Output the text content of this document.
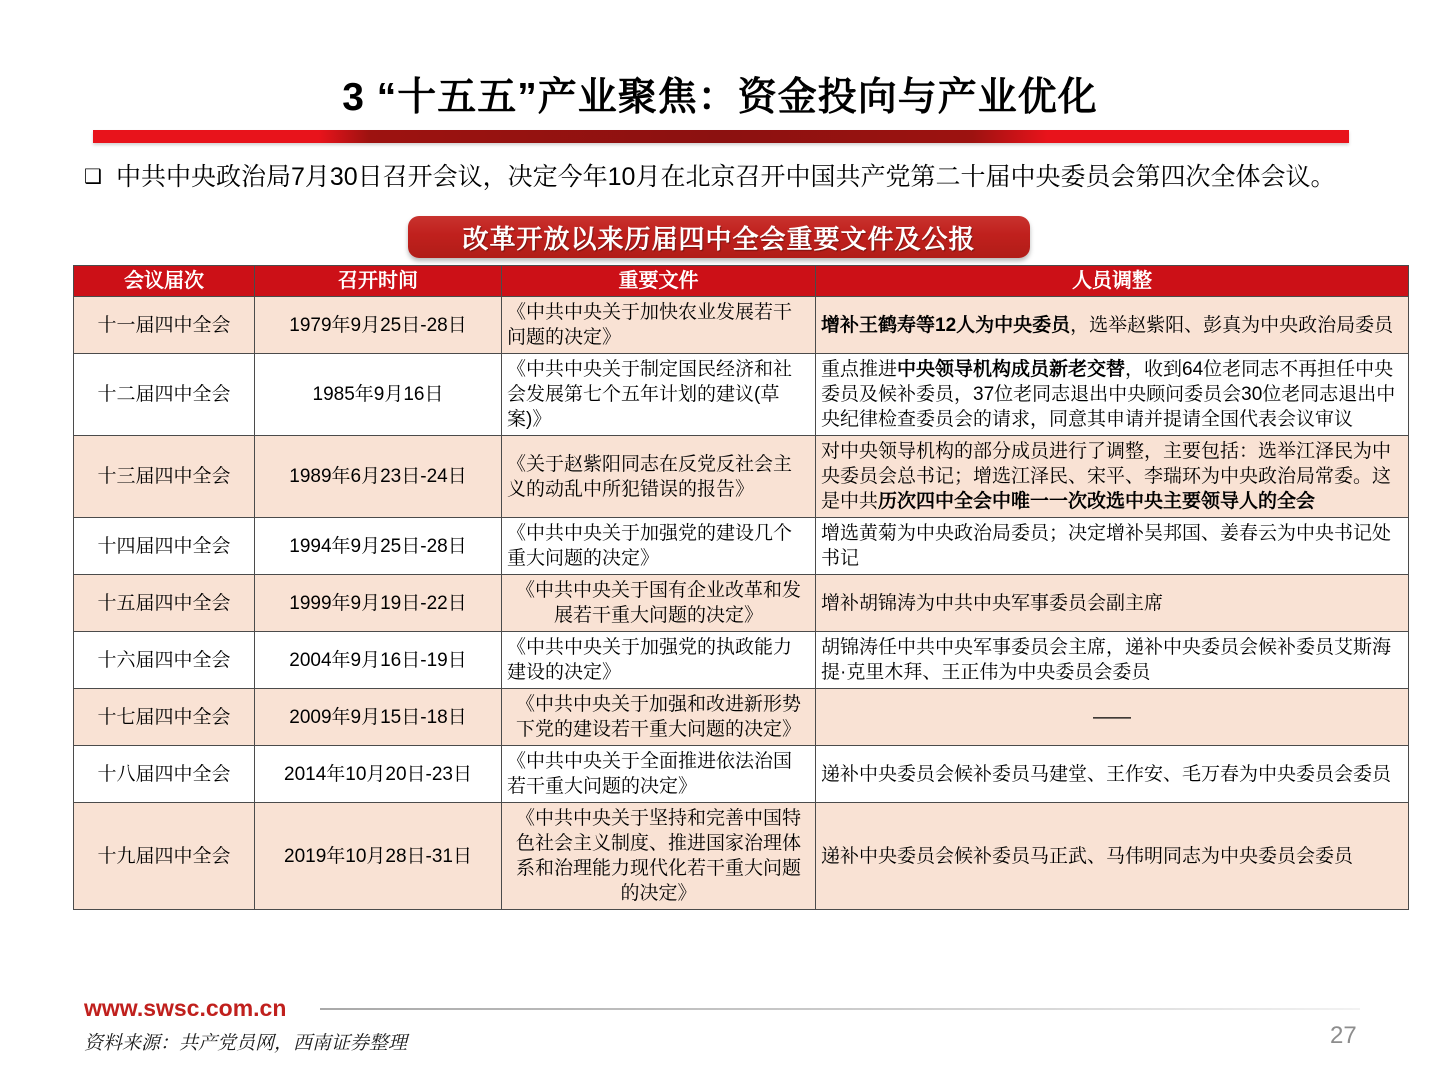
3 “十五五”产业聚焦：资金投向与产业优化
❑ 中共中央政治局7月30日召开会议，决定今年10月在北京召开中国共产党第二十届中央委员会第四次全体会议。
改革开放以来历届四中全会重要文件及公报
会议届次	召开时间	重要文件	人员调整
十一届四中全会	1979年9月25日-28日	《中共中央关于加快农业发展若干问题的决定》	增补王鹤寿等12人为中央委员，选举赵紫阳、彭真为中央政治局委员
十二届四中全会	1985年9月16日	《中共中央关于制定国民经济和社会发展第七个五年计划的建议(草案)》	重点推进中央领导机构成员新老交替，收到64位老同志不再担任中央委员及候补委员，37位老同志退出中央顾问委员会30位老同志退出中央纪律检查委员会的请求，同意其申请并提请全国代表会议审议
十三届四中全会	1989年6月23日-24日	《关于赵紫阳同志在反党反社会主义的动乱中所犯错误的报告》	对中央领导机构的部分成员进行了调整，主要包括：选举江泽民为中央委员会总书记；增选江泽民、宋平、李瑞环为中央政治局常委。这是中共历次四中全会中唯一一次改选中央主要领导人的全会
十四届四中全会	1994年9月25日-28日	《中共中央关于加强党的建设几个重大问题的决定》	增选黄菊为中央政治局委员；决定增补吴邦国、姜春云为中央书记处书记
十五届四中全会	1999年9月19日-22日	《中共中央关于国有企业改革和发展若干重大问题的决定》	增补胡锦涛为中共中央军事委员会副主席
十六届四中全会	2004年9月16日-19日	《中共中央关于加强党的执政能力建设的决定》	胡锦涛任中共中央军事委员会主席，递补中央委员会候补委员艾斯海提·克里木拜、王正伟为中央委员会委员
十七届四中全会	2009年9月15日-18日	《中共中央关于加强和改进新形势下党的建设若干重大问题的决定》	——
十八届四中全会	2014年10月20日-23日	《中共中央关于全面推进依法治国若干重大问题的决定》	递补中央委员会候补委员马建堂、王作安、毛万春为中央委员会委员
十九届四中全会	2019年10月28日-31日	《中共中央关于坚持和完善中国特色社会主义制度、推进国家治理体系和治理能力现代化若干重大问题的决定》	递补中央委员会候补委员马正武、马伟明同志为中央委员会委员
www.swsc.com.cn
资料来源：共产党员网，西南证券整理	27
